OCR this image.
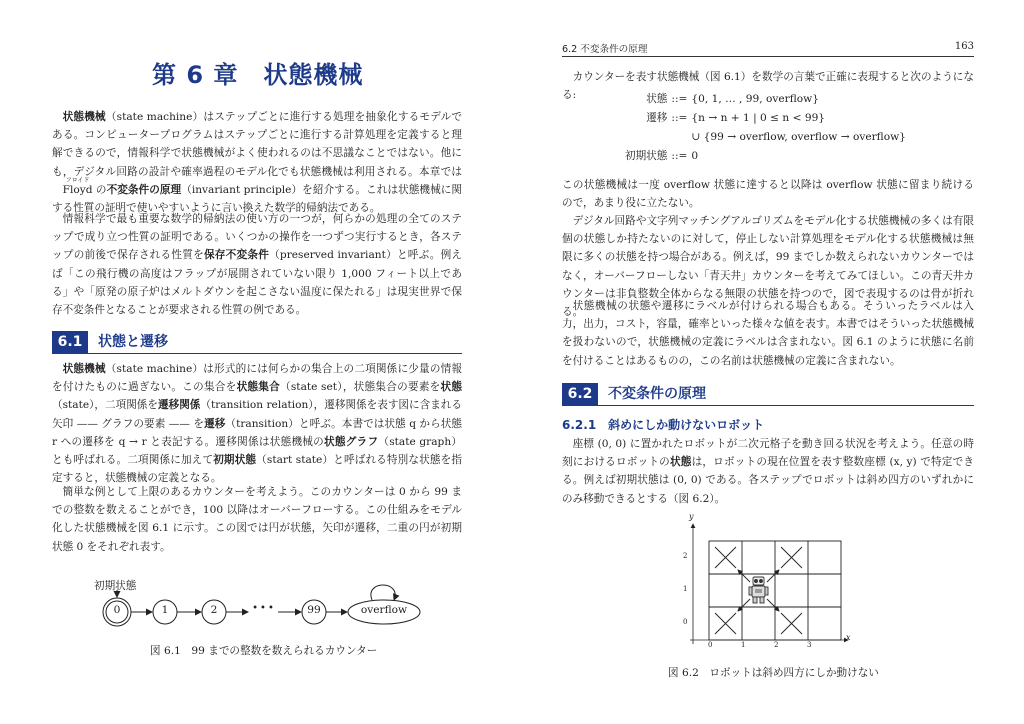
第 6 章　状態機械

状態機械（state machine）はステップごとに進行する処理を抽象化するモデルである。コンピュータープログラムはステップごとに進行する計算処理を定義すると理解できるので，情報科学で状態機械がよく使われるのは不思議なことではない。他にも，デジタル回路の設計や確率過程のモデル化でも状態機械は利用される。本章では Floyd
フロイド
の不変条件の原理（invariant principle）を紹介する。これは状態機械に関する性質の証明で使いやすいように言い換えた数学的帰納法である。

情報科学で最も重要な数学的帰納法の使い方の一つが，何らかの処理の全てのステップで成り立つ性質の証明である。いくつかの操作を一つずつ実行するとき，各ステップの前後で保存される性質を保存不変条件（preserved invariant）と呼ぶ。例えば「この飛行機の高度はフラップが展開されていない限り 1,000 フィート以上である」や「原発の原子炉はメルトダウンを起こさない温度に保たれる」は現実世界で保存不変条件となることが要求される性質の例である。

6.1	状態と遷移

状態機械（state machine）は形式的には何らかの集合上の二項関係に少量の情報を付けたものに過ぎない。この集合を状態集合（state set），状態集合の要素を状態（state），二項関係を遷移関係（transition relation），遷移関係を表す図に含まれる矢印 —— グラフの要素 —— を遷移（transition）と呼ぶ。本書では状態 q から状態 r への遷移を q → r と表記する。遷移関係は状態機械の状態グラフ（state graph）とも呼ばれる。二項関係に加えて初期状態（start state）と呼ばれる特別な状態を指定すると，状態機械の定義となる。

簡単な例として上限のあるカウンターを考えよう。このカウンターは 0 から 99 までの整数を数えることができ，100 以降はオーバーフローする。この仕組みをモデル化した状態機械を図 6.1 に示す。この図では円が状態，矢印が遷移，二重の円が初期状態 0 をそれぞれ表す。

初期状態
0	1	2	•••	99	overflow
図 6.1　99 までの整数を数えられるカウンター
6.2 不変条件の原理	163

カウンターを表す状態機械（図 6.1）を数学の言葉で正確に表現すると次のようになる:	状態	::=	{0, 1, … , 99, overflow}
遷移	::=	{n → n + 1 | 0 ≤ n < 99}
		∪ {99 → overflow, overflow → overflow}
初期状態	::=	0

この状態機械は一度 overflow 状態に達すると以降は overflow 状態に留まり続けるので，あまり役に立たない。

デジタル回路や文字列マッチングアルゴリズムをモデル化する状態機械の多くは有限個の状態しか持たないのに対して，停止しない計算処理をモデル化する状態機械は無限に多くの状態を持つ場合がある。例えば，99 までしか数えられないカウンターではなく，オーバーフローしない「青天井」カウンターを考えてみてほしい。この青天井カウンターは非負整数全体からなる無限の状態を持つので，図で表現するのは骨が折れる。

状態機械の状態や遷移にラベルが付けられる場合もある。そういったラベルは入力，出力，コスト，容量，確率といった様々な値を表す。本書ではそういった状態機械を扱わないので，状態機械の定義にラベルは含まれない。図 6.1 のように状態に名前を付けることはあるものの，この名前は状態機械の定義に含まれない。

6.2	不変条件の原理
6.2.1　斜めにしか動けないロボット

座標 (0, 0) に置かれたロボットが二次元格子を動き回る状況を考えよう。任意の時刻におけるロボットの状態は，ロボットの現在位置を表す整数座標 (x, y) で特定できる。例えば初期状態は (0, 0) である。各ステップでロボットは斜め四方のいずれかにのみ移動できるとする（図 6.2）。

y
x
0
1
2
0	1	2	3
図 6.2　ロボットは斜め四方にしか動けない
